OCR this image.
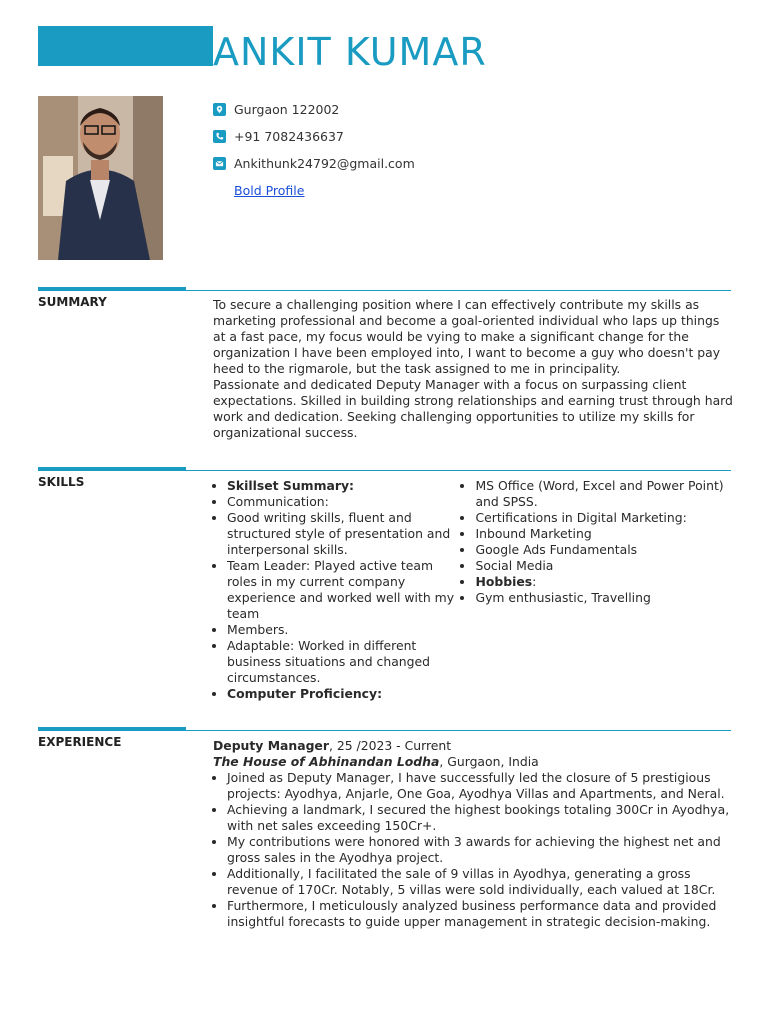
ANKIT KUMAR
Gurgaon 122002
+91 7082436637
Ankithunk24792@gmail.com
Bold Profile
SUMMARY	To secure a challenging position where I can effectively contribute my skills as marketing professional and become a goal-oriented individual who laps up things at a fast pace, my focus would be vying to make a significant change for the organization I have been employed into, I want to become a guy who doesn't pay heed to the rigmarole, but the task assigned to me in principality.

Passionate and dedicated Deputy Manager with a focus on surpassing client expectations. Skilled in building strong relationships and earning trust through hard work and dedication. Seeking challenging opportunities to utilize my skills for organizational success.

SKILLS
•	Skillset Summary:
• Communication:
• Good writing skills, fluent and structured style of presentation and interpersonal skills.
• Team Leader: Played active team roles in my current company experience and worked well with my team
• Members.
• Adaptable: Worked in different business situations and changed circumstances.
• Computer Proficiency:
• MS Office (Word, Excel and Power Point) and SPSS.
• Certifications in Digital Marketing:
• Inbound Marketing
• Google Ads Fundamentals
• Social Media
• Hobbies:
• Gym enthusiastic, Travelling
EXPERIENCE	Deputy Manager, 25 /2023 - Current

The House of Abhinandan Lodha, Gurgaon, India

• Joined as Deputy Manager, I have successfully led the closure of 5 prestigious projects: Ayodhya, Anjarle, One Goa, Ayodhya Villas and Apartments, and Neral.
• Achieving a landmark, I secured the highest bookings totaling 300Cr in Ayodhya, with net sales exceeding 150Cr+.
• My contributions were honored with 3 awards for achieving the highest net and gross sales in the Ayodhya project.
• Additionally, I facilitated the sale of 9 villas in Ayodhya, generating a gross revenue of 170Cr. Notably, 5 villas were sold individually, each valued at 18Cr.
• Furthermore, I meticulously analyzed business performance data and provided insightful forecasts to guide upper management in strategic decision-making.
